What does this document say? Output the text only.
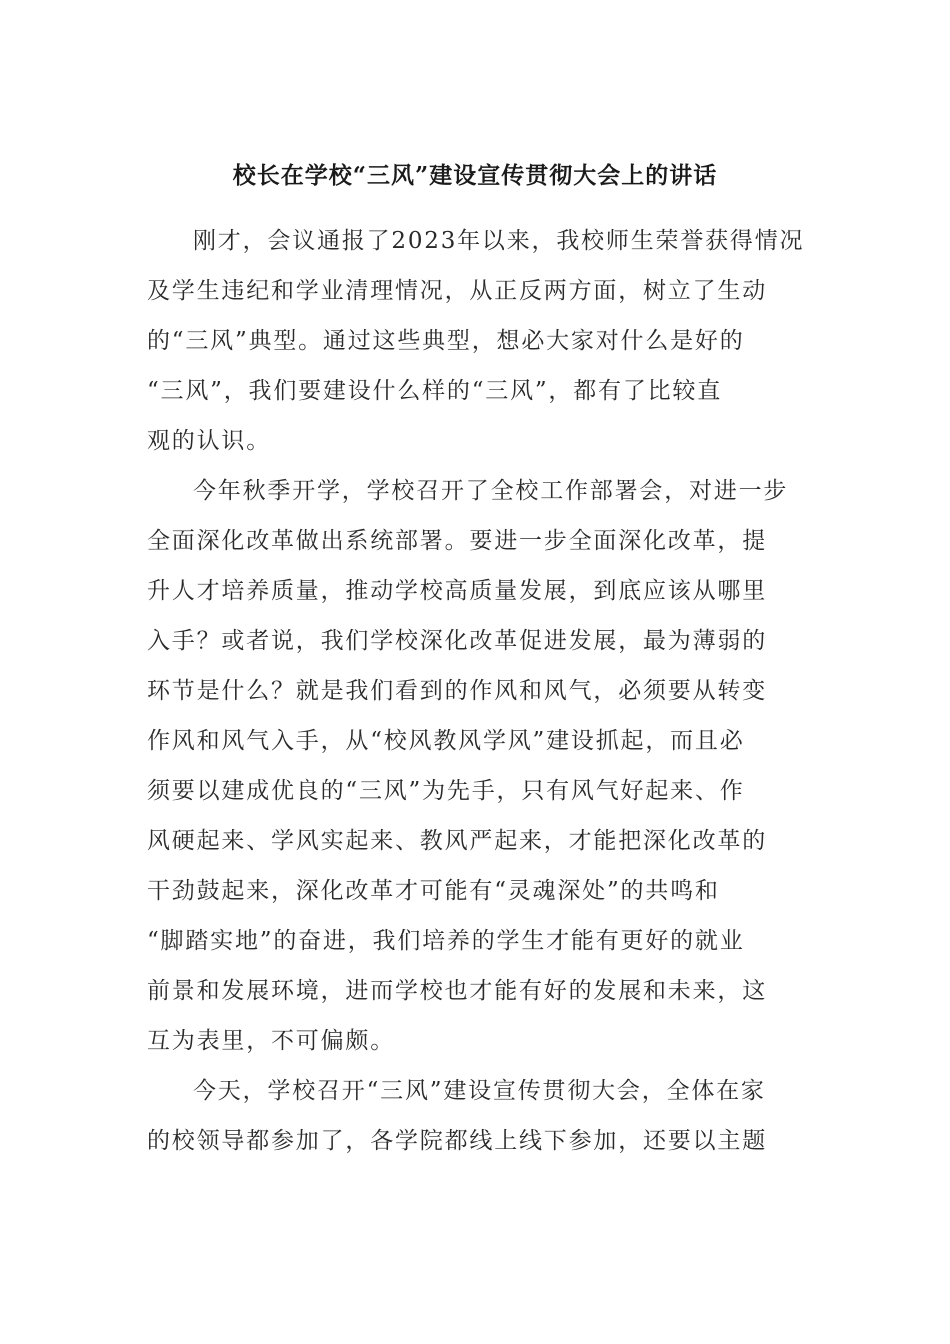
校长在学校“三风”建设宣传贯彻大会上的讲话

刚才，会议通报了2023年以来，我校师生荣誉获得情况
及学生违纪和学业清理情况，从正反两方面，树立了生动
的“三风”典型。通过这些典型，想必大家对什么是好的
“三风”，我们要建设什么样的“三风”，都有了比较直
观的认识。

今年秋季开学，学校召开了全校工作部署会，对进一步
全面深化改革做出系统部署。要进一步全面深化改革，提
升人才培养质量，推动学校高质量发展，到底应该从哪里
入手？或者说，我们学校深化改革促进发展，最为薄弱的
环节是什么？就是我们看到的作风和风气，必须要从转变
作风和风气入手，从“校风教风学风”建设抓起，而且必
须要以建成优良的“三风”为先手，只有风气好起来、作
风硬起来、学风实起来、教风严起来，才能把深化改革的
干劲鼓起来，深化改革才可能有“灵魂深处”的共鸣和
“脚踏实地”的奋进，我们培养的学生才能有更好的就业
前景和发展环境，进而学校也才能有好的发展和未来，这
互为表里，不可偏颇。

今天，学校召开“三风”建设宣传贯彻大会，全体在家
的校领导都参加了，各学院都线上线下参加，还要以主题
